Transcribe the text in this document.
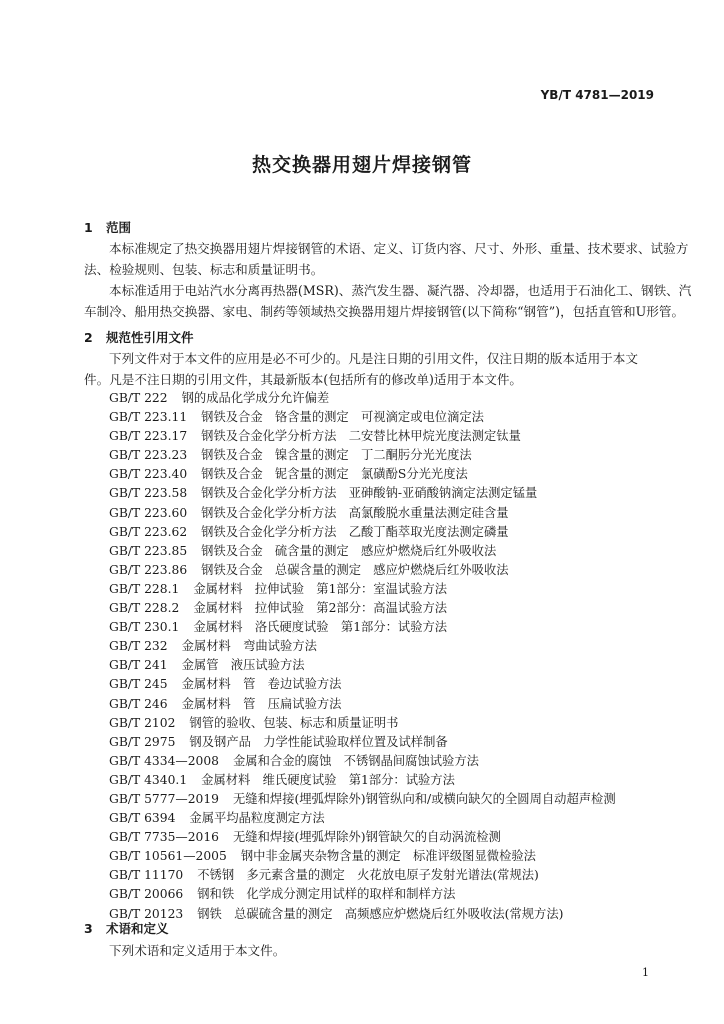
YB/T 4781—2019
热交换器用翅片焊接钢管
1 范围
本标准规定了热交换器用翅片焊接钢管的术语、定义、订货内容、尺寸、外形、重量、技术要求、试验方
法、检验规则、包装、标志和质量证明书。
本标准适用于电站汽水分离再热器(MSR)、蒸汽发生器、凝汽器、冷却器，也适用于石油化工、钢铁、汽
车制冷、船用热交换器、家电、制药等领域热交换器用翅片焊接钢管(以下简称“钢管”)，包括直管和U形管。
2 规范性引用文件
下列文件对于本文件的应用是必不可少的。凡是注日期的引用文件，仅注日期的版本适用于本文
件。凡是不注日期的引用文件，其最新版本(包括所有的修改单)适用于本文件。
GB/T 222 钢的成品化学成分允许偏差
GB/T 223.11 钢铁及合金　铬含量的测定　可视滴定或电位滴定法
GB/T 223.17 钢铁及合金化学分析方法　二安替比林甲烷光度法测定钛量
GB/T 223.23 钢铁及合金　镍含量的测定　丁二酮肟分光光度法
GB/T 223.40 钢铁及合金　铌含量的测定　氯磺酚S分光光度法
GB/T 223.58 钢铁及合金化学分析方法　亚砷酸钠-亚硝酸钠滴定法测定锰量
GB/T 223.60 钢铁及合金化学分析方法　高氯酸脱水重量法测定硅含量
GB/T 223.62 钢铁及合金化学分析方法　乙酸丁酯萃取光度法测定磷量
GB/T 223.85 钢铁及合金　硫含量的测定　感应炉燃烧后红外吸收法
GB/T 223.86 钢铁及合金　总碳含量的测定　感应炉燃烧后红外吸收法
GB/T 228.1 金属材料　拉伸试验　第1部分：室温试验方法
GB/T 228.2 金属材料　拉伸试验　第2部分：高温试验方法
GB/T 230.1 金属材料　洛氏硬度试验　第1部分：试验方法
GB/T 232 金属材料　弯曲试验方法
GB/T 241 金属管　液压试验方法
GB/T 245 金属材料　管　卷边试验方法
GB/T 246 金属材料　管　压扁试验方法
GB/T 2102 钢管的验收、包装、标志和质量证明书
GB/T 2975 钢及钢产品　力学性能试验取样位置及试样制备
GB/T 4334—2008 金属和合金的腐蚀　不锈钢晶间腐蚀试验方法
GB/T 4340.1 金属材料　维氏硬度试验　第1部分：试验方法
GB/T 5777—2019 无缝和焊接(埋弧焊除外)钢管纵向和/或横向缺欠的全圆周自动超声检测
GB/T 6394 金属平均晶粒度测定方法
GB/T 7735—2016 无缝和焊接(埋弧焊除外)钢管缺欠的自动涡流检测
GB/T 10561—2005 钢中非金属夹杂物含量的测定　标准评级图显微检验法
GB/T 11170 不锈钢　多元素含量的测定　火花放电原子发射光谱法(常规法)
GB/T 20066 钢和铁　化学成分测定用试样的取样和制样方法
GB/T 20123 钢铁　总碳硫含量的测定　高频感应炉燃烧后红外吸收法(常规方法)
3 术语和定义
下列术语和定义适用于本文件。
1
